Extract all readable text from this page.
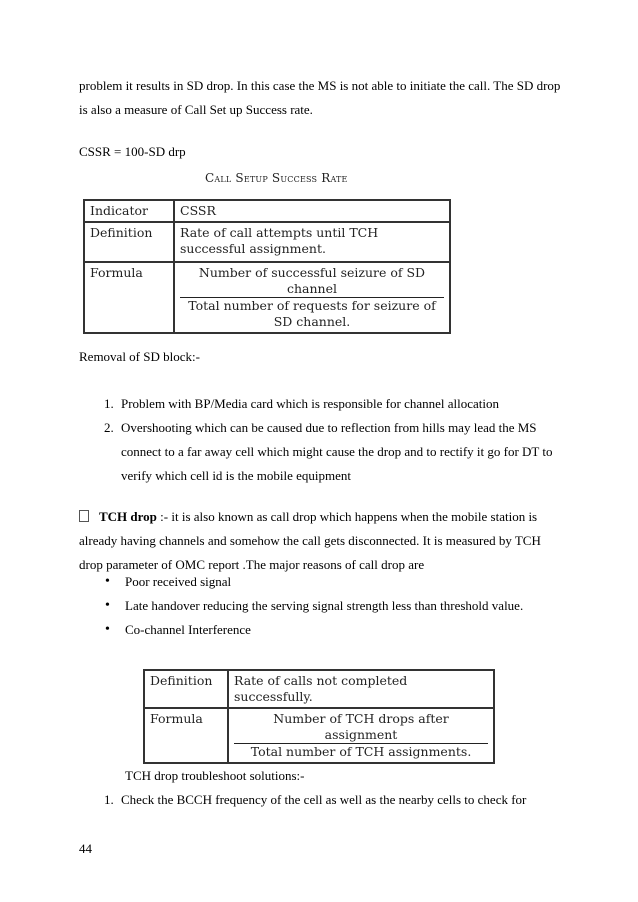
problem it results in SD drop. In this case the MS is not able to initiate the call. The SD drop
is also a measure of Call Set up Success rate.
CSSR = 100-SD drp
Call Setup Success Rate
Indicator	CSSR
Definition	Rate of call attempts until TCH successful assignment.
Formula	Number of successful seizure of SD channel
Total number of requests for seizure of SD channel.
Removal of SD block:-
1. Problem with BP/Media card which is responsible for channel allocation
2. Overshooting which can be caused due to reflection from hills may lead the MS connect to a far away cell which might cause the drop and to rectify it go for DT to verify which cell id is the mobile equipment
TCH drop :- it is also known as call drop which happens when the mobile station is already having channels and somehow the call gets disconnected. It is measured by TCH drop parameter of OMC report .The major reasons of call drop are
• Poor received signal
• Late handover reducing the serving signal strength less than threshold value.
• Co-channel Interference
Definition	Rate of calls not completed successfully.
Formula	Number of TCH drops after assignment
Total number of TCH assignments.
TCH drop troubleshoot solutions:-
1. Check the BCCH frequency of the cell as well as the nearby cells to check for
44
